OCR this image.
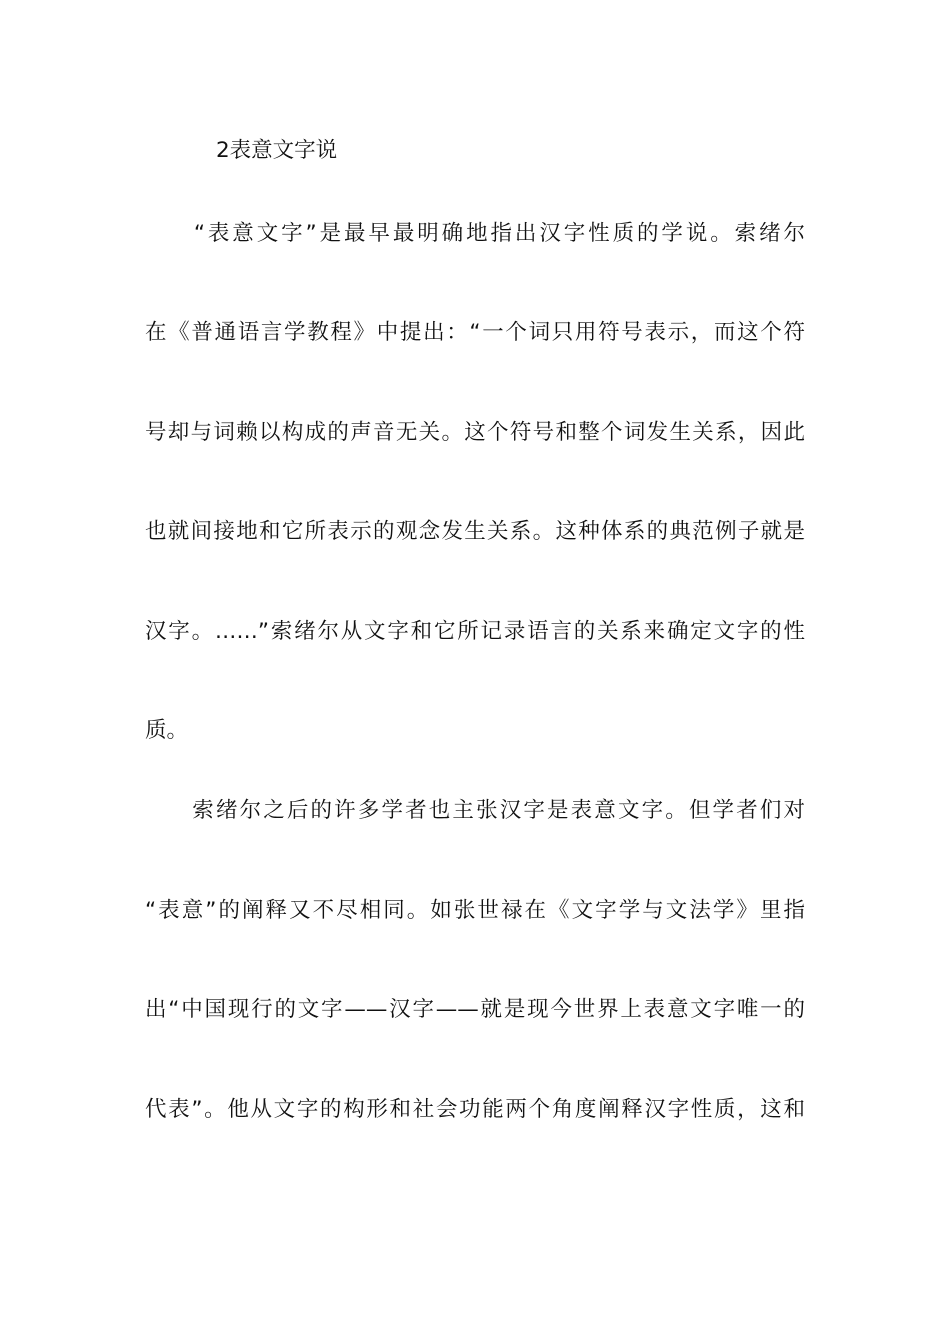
2表意文字说
　　“表意文字”是最早最明确地指出汉字性质的学说。索绪尔
在《普通语言学教程》中提出：“一个词只用符号表示，而这个符
号却与词赖以构成的声音无关。这个符号和整个词发生关系，因此
也就间接地和它所表示的观念发生关系。这种体系的典范例子就是
汉字。……”索绪尔从文字和它所记录语言的关系来确定文字的性
质。
　　索绪尔之后的许多学者也主张汉字是表意文字。但学者们对
“表意”的阐释又不尽相同。如张世禄在《文字学与文法学》里指
出“中国现行的文字——汉字——就是现今世界上表意文字唯一的
代表”。他从文字的构形和社会功能两个角度阐释汉字性质，这和
